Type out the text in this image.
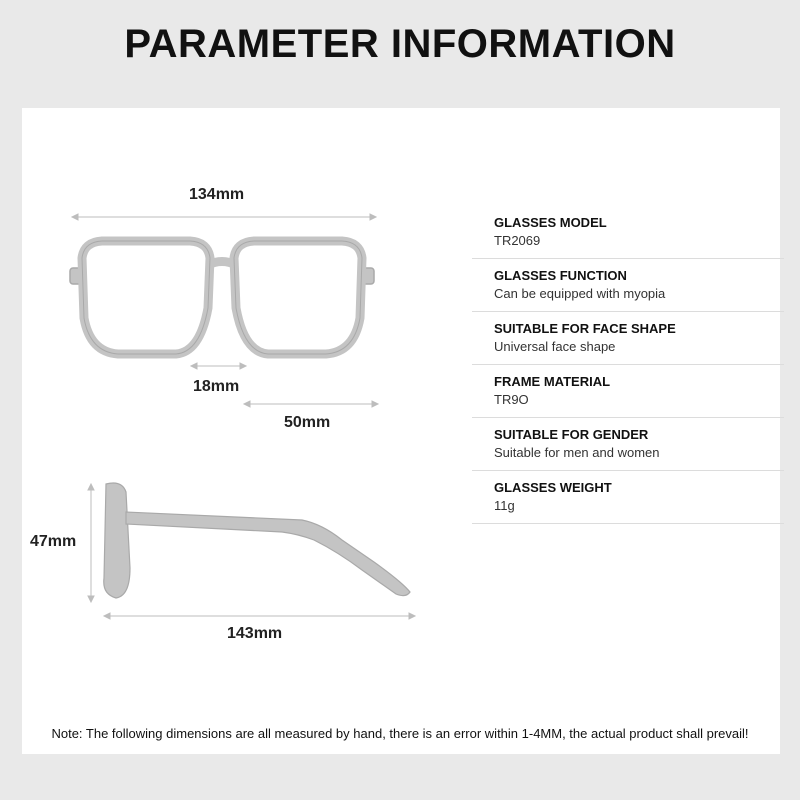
PARAMETER INFORMATION
134mm
18mm
50mm
47mm
143mm
GLASSES MODEL
TR2069
GLASSES FUNCTION
Can be equipped with myopia
SUITABLE FOR FACE SHAPE
Universal face shape
FRAME MATERIAL
TR9O
SUITABLE FOR GENDER
Suitable for men and women
GLASSES WEIGHT
11g
Note: The following dimensions are all measured by hand, there is an error within 1-4MM, the actual product shall prevail!
